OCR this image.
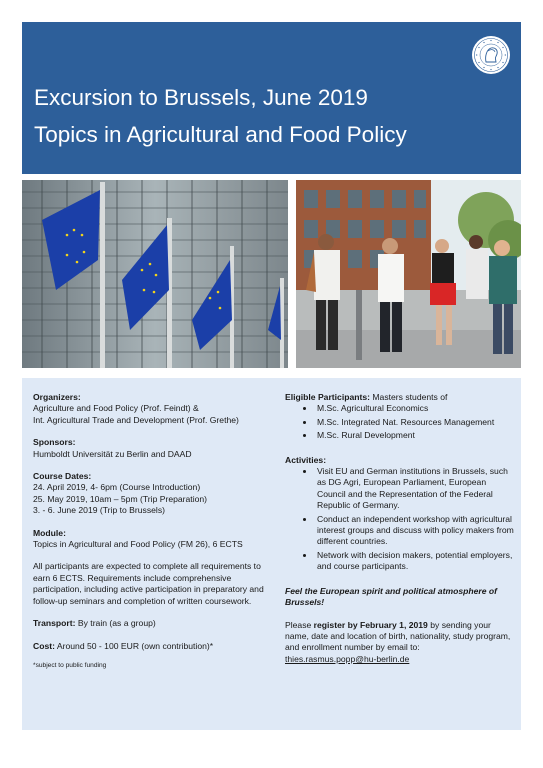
Excursion to Brussels, June 2019
Topics in Agricultural and Food Policy

Organizers:

Agriculture and Food Policy (Prof. Feindt) &

Int. Agricultural Trade and Development (Prof. Grethe)

Sponsors:

Humboldt Universität zu Berlin and DAAD

Course Dates:

24. April 2019, 4- 6pm (Course Introduction)

25. May 2019, 10am – 5pm (Trip Preparation)

3. - 6. June 2019 (Trip to Brussels)

Module:

Topics in Agricultural and Food Policy (FM 26), 6 ECTS

All participants are expected to complete all requirements to earn 6 ECTS. Requirements include comprehensive participation, including active participation in preparatory and follow-up seminars and completion of written coursework.

Transport: By train (as a group)

Cost: Around 50 - 100 EUR (own contribution)*

*subject to public funding

Eligible Participants: Masters students of

• M.Sc. Agricultural Economics
• M.Sc. Integrated Nat. Resources Management
• M.Sc. Rural Development

Activities:

• Visit EU and German institutions in Brussels, such as DG Agri, European Parliament, European Council and the Representation of the Federal Republic of Germany.
• Conduct an independent workshop with agricultural interest groups and discuss with policy makers from different countries.
• Network with decision makers, potential employers, and course participants.

Feel the European spirit and political atmosphere of Brussels!

Please register by February 1, 2019 by sending your name, date and location of birth, nationality, study program, and enrollment number by email to:

thies.rasmus.popp@hu-berlin.de
